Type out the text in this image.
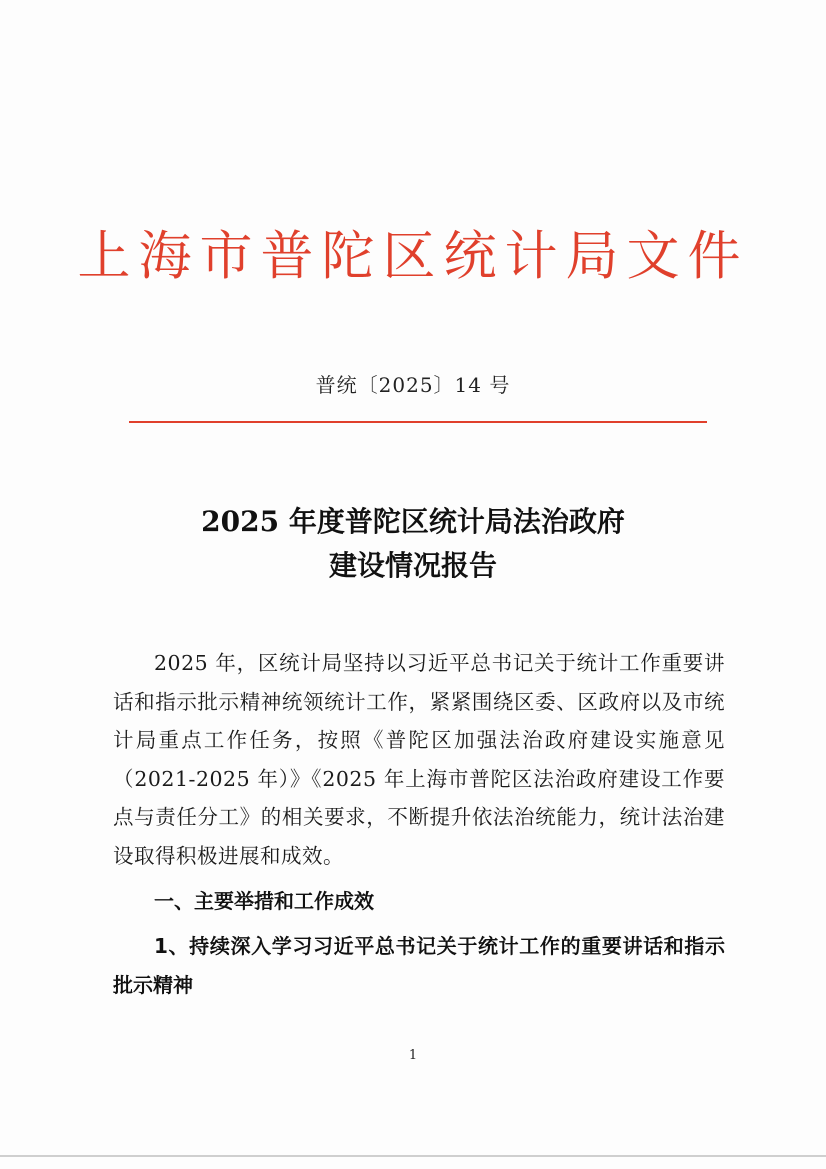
上海市普陀区统计局文件
普统〔2025〕14 号
2025 年度普陀区统计局法治政府
建设情况报告

2025 年，区统计局坚持以习近平总书记关于统计工作重要讲话和指示批示精神统领统计工作，紧紧围绕区委、区政府以及市统计局重点工作任务，按照《普陀区加强法治政府建设实施意见（2021-2025 年）》《2025 年上海市普陀区法治政府建设工作要点与责任分工》的相关要求，不断提升依法治统能力，统计法治建设取得积极进展和成效。

一、主要举措和工作成效

1、持续深入学习习近平总书记关于统计工作的重要讲话和指示批示精神

1
